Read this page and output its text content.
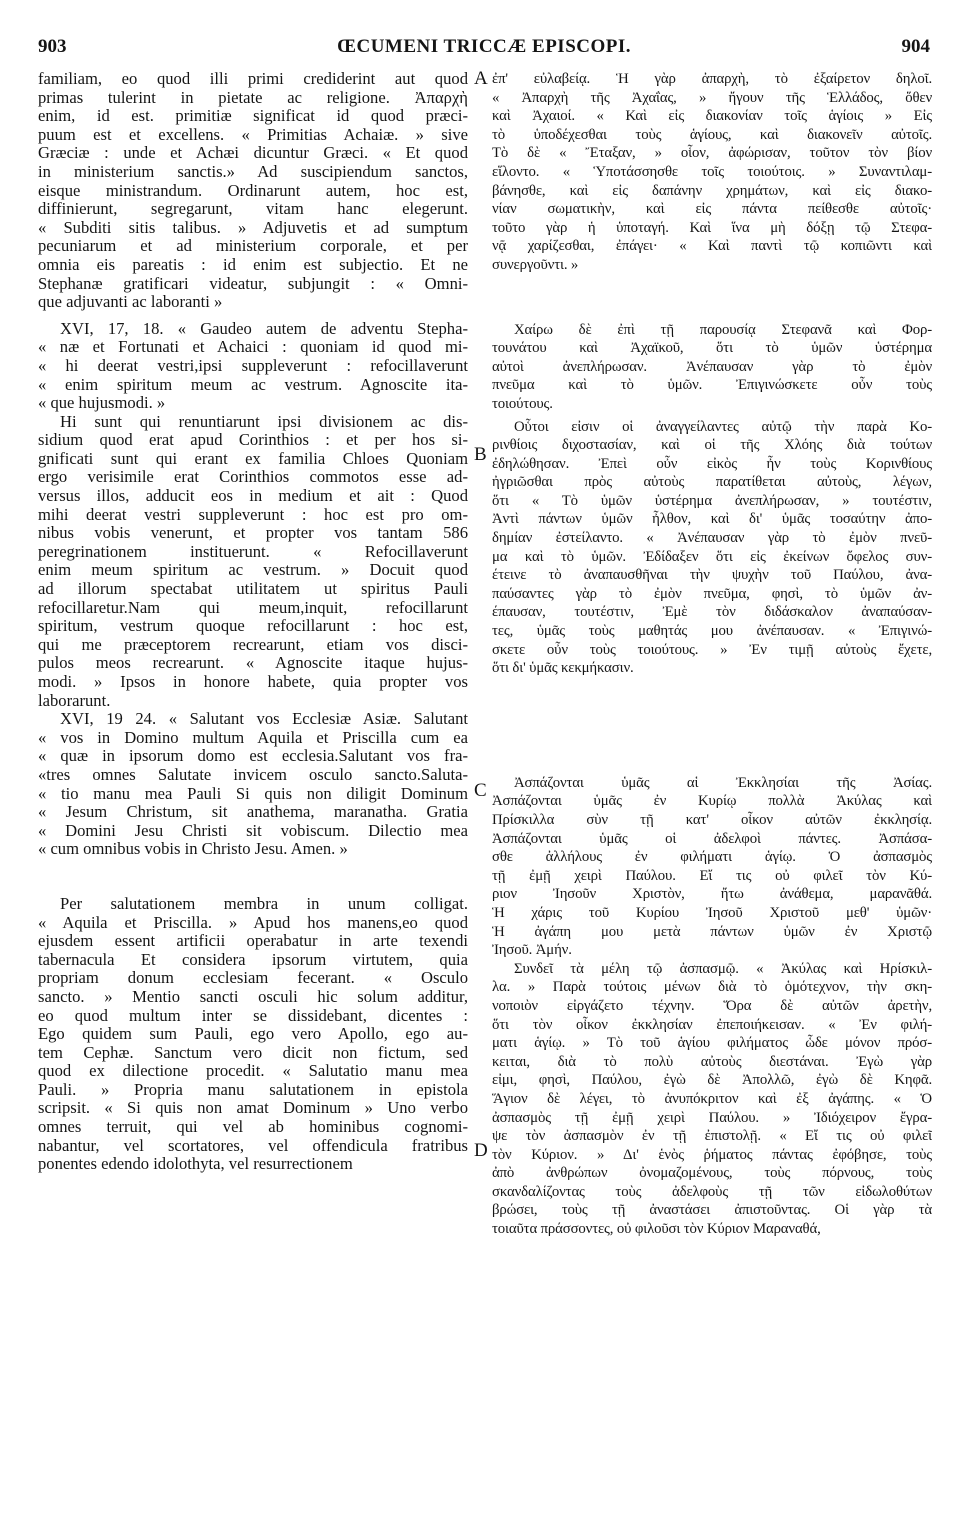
903	ŒCUMENI TRICCÆ EPISCOPI.	904
A
B
C
D

familiam, eo quod illi primi crediderint aut quod

primas tulerint in pietate ac religione. Ἀπαρχὴ

enim, id est. primitiæ significat id quod præci-

puum est et excellens. « Primitias Achaiæ. » sive

Græciæ : unde et Achæi dicuntur Græci. « Et quod

in ministerium sanctis.» Ad suscipiendum sanctos,

eisque ministrandum. Ordinarunt autem, hoc est,

diffinierunt, segregarunt, vitam hanc elegerunt.

« Subditi sitis talibus. » Adjuvetis et ad sumptum

pecuniarum et ad ministerium corporale, et per

omnia eis pareatis : id enim est subjectio. Et ne

Stephanæ gratificari videatur, subjungit : « Omni-

que adjuvanti ac laboranti »

XVI, 17, 18. « Gaudeo autem de adventu Stepha-

« næ et Fortunati et Achaici : quoniam id quod mi-

« hi deerat vestri,ipsi suppleverunt : refocillaverunt

« enim spiritum meum ac vestrum. Agnoscite ita-

« que hujusmodi. »

Hi sunt qui renuntiarunt ipsi divisionem ac dis-

sidium quod erat apud Corinthios : et per hos si-

gnificati sunt qui erant ex familia Chloes Quoniam

ergo verisimile erat Corinthios commotos esse ad-

versus illos, adducit eos in medium et ait : Quod

mihi deerat vestri suppleverunt : hoc est pro om-

nibus vobis venerunt, et propter vos tantam 586

peregrinationem instituerunt. « Refocillaverunt

enim meum spiritum ac vestrum. » Docuit quod

ad illorum spectabat utilitatem ut spiritus Pauli

refocillaretur.Nam qui meum,inquit, refocillarunt

spiritum, vestrum quoque refocillarunt : hoc est,

qui me præceptorem recrearunt, etiam vos disci-

pulos meos recrearunt. « Agnoscite itaque hujus-

modi. » Ipsos in honore habete, quia propter vos

laborarunt.

XVI, 19 24. « Salutant vos Ecclesiæ Asiæ. Salutant

« vos in Domino multum Aquila et Priscilla cum ea

« quæ in ipsorum domo est ecclesia.Salutant vos fra-

«tres omnes Salutate invicem osculo sancto.Saluta-

« tio manu mea Pauli Si quis non diligit Dominum

« Jesum Christum, sit anathema, maranatha. Gratia

« Domini Jesu Christi sit vobiscum. Dilectio mea

« cum omnibus vobis in Christo Jesu. Amen. »

Per salutationem membra in unum colligat.

« Aquila et Priscilla. » Apud hos manens,eo quod

ejusdem essent artificii operabatur in arte texendi

tabernacula Et considera ipsorum virtutem, quia

propriam donum ecclesiam fecerant. « Osculo

sancto. » Mentio sancti osculi hic solum additur,

eo quod multum inter se dissidebant, dicentes :

Ego quidem sum Pauli, ego vero Apollo, ego au-

tem Cephæ. Sanctum vero dicit non fictum, sed

quod ex dilectione procedit. « Salutatio manu mea

Pauli. » Propria manu salutationem in epistola

scripsit. « Si quis non amat Dominum » Uno verbo

omnes terruit, qui vel ab hominibus cognomi-

nabantur, vel scortatores, vel offendicula fratribus

ponentes edendo idolothyta, vel resurrectionem

ἐπ' εὐλαβείᾳ. Ἡ γὰρ ἀπαρχὴ, τὸ ἐξαίρετον δηλοῖ.

« Ἀπαρχὴ τῆς Ἀχαΐας, » ἤγουν τῆς Ἑλλάδος, ὅθεν

καὶ Ἀχαιοί. « Καὶ εἰς διακονίαν τοῖς ἁγίοις » Εἰς

τὸ ὑποδέχεσθαι τοὺς ἁγίους, καὶ διακονεῖν αὐτοῖς.

Τὸ δὲ « Ἔταξαν, » οἷον, ἀφώρισαν, τοῦτον τὸν βίον

εἵλοντο. « Ὑποτάσσησθε τοῖς τοιούτοις. » Συναντιλαμ-

βάνησθε, καὶ εἰς δαπάνην χρημάτων, καὶ εἰς διακο-

νίαν σωματικὴν, καὶ εἰς πάντα πείθεσθε αὐτοῖς·

τοῦτο γὰρ ἡ ὑποταγή. Καὶ ἵνα μὴ δόξῃ τῷ Στεφα-

νᾷ χαρίζεσθαι, ἐπάγει· « Καὶ παντὶ τῷ κοπιῶντι καὶ

συνεργοῦντι. »

Χαίρω δὲ ἐπὶ τῇ παρουσίᾳ Στεφανᾶ καὶ Φορ-

τουνάτου καὶ Ἀχαϊκοῦ, ὅτι τὸ ὑμῶν ὑστέρημα

αὐτοὶ ἀνεπλήρωσαν. Ἀνέπαυσαν γὰρ τὸ ἐμὸν

πνεῦμα καὶ τὸ ὑμῶν. Ἐπιγινώσκετε οὖν τοὺς

τοιούτους.

Οὗτοι εἰσιν οἱ ἀναγγείλαντες αὐτῷ τὴν παρὰ Κο-

ρινθίοις διχοστασίαν, καὶ οἱ τῆς Χλόης διὰ τούτων

ἐδηλώθησαν. Ἐπεὶ οὖν εἰκὸς ἦν τοὺς Κορινθίους

ἠγριῶσθαι πρὸς αὐτοὺς παρατίθεται αὐτοὺς, λέγων,

ὅτι « Τὸ ὑμῶν ὑστέρημα ἀνεπλήρωσαν, » τουτέστιν,

Ἀντὶ πάντων ὑμῶν ἦλθον, καὶ δι' ὑμᾶς τοσαύτην ἀπο-

δημίαν ἐστείλαντο. « Ἀνέπαυσαν γὰρ τὸ ἐμὸν πνεῦ-

μα καὶ τὸ ὑμῶν. Ἐδίδαξεν ὅτι εἰς ἐκείνων ὄφελος συν-

έτεινε τὸ ἀναπαυσθῆναι τὴν ψυχὴν τοῦ Παύλου, ἀνα-

παύσαντες γὰρ τὸ ἐμὸν πνεῦμα, φησὶ, τὸ ὑμῶν ἀν-

έπαυσαν, τουτέστιν, Ἐμὲ τὸν διδάσκαλον ἀναπαύσαν-

τες, ὑμᾶς τοὺς μαθητάς μου ἀνέπαυσαν. « Ἐπιγινώ-

σκετε οὖν τοὺς τοιούτους. » Ἐν τιμῇ αὐτοὺς ἔχετε,

ὅτι δι' ὑμᾶς κεκμήκασιν.

Ἀσπάζονται ὑμᾶς αἱ Ἐκκλησίαι τῆς Ἀσίας.

Ἀσπάζονται ὑμᾶς ἐν Κυρίῳ πολλὰ Ἀκύλας καὶ

Πρίσκιλλα σὺν τῇ κατ' οἶκον αὐτῶν ἐκκλησίᾳ.

Ἀσπάζονται ὑμᾶς οἱ ἀδελφοὶ πάντες. Ἀσπάσα-

σθε ἀλλήλους ἐν φιλήματι ἁγίῳ. Ὁ ἀσπασμὸς

τῇ ἐμῇ χειρὶ Παύλου. Εἴ τις οὐ φιλεῖ τὸν Κύ-

ριον Ἰησοῦν Χριστὸν, ἤτω ἀνάθεμα, μαρανᾶθά.

Ἡ χάρις τοῦ Κυρίου Ἰησοῦ Χριστοῦ μεθ' ὑμῶν·

Ἡ ἀγάπη μου μετὰ πάντων ὑμῶν ἐν Χριστῷ

Ἰησοῦ. Ἀμήν.

Συνδεῖ τὰ μέλη τῷ ἀσπασμῷ. « Ἀκύλας καὶ Ηρίσκιλ-

λα. » Παρὰ τούτοις μένων διὰ τὸ ὁμότεχνον, τὴν σκη-

νοποιὸν εἰργάζετο τέχνην. Ὅρα δὲ αὐτῶν ἀρετὴν,

ὅτι τὸν οἶκον ἐκκλησίαν ἐπεποιήκεισαν. « Ἐν φιλή-

ματι ἁγίῳ. » Τὸ τοῦ ἁγίου φιλήματος ὧδε μόνον πρόσ-

κειται, διὰ τὸ πολὺ αὐτοὺς διεστάναι. Ἐγὼ γὰρ

εἰμι, φησὶ, Παύλου, ἐγὼ δὲ Ἀπολλῶ, ἐγὼ δὲ Κηφᾶ.

Ἅγιον δὲ λέγει, τὸ ἀνυπόκριτον καὶ ἐξ ἀγάπης. « Ὁ

ἀσπασμὸς τῇ ἐμῇ χειρὶ Παύλου. » Ἰδιόχειρον ἔγρα-

ψε τὸν ἀσπασμὸν ἐν τῇ ἐπιστολῇ. « Εἴ τις οὐ φιλεῖ

τὸν Κύριον. » Δι' ἑνὸς ῥήματος πάντας ἐφόβησε, τοὺς

ἀπὸ ἀνθρώπων ὀνομαζομένους, τοὺς πόρνους, τοὺς

σκανδαλίζοντας τοὺς ἀδελφοὺς τῇ τῶν εἰδωλοθύτων

βρώσει, τοὺς τῇ ἀναστάσει ἀπιστοῦντας. Οἱ γὰρ τὰ

τοιαῦτα πράσσοντες, οὐ φιλοῦσι τὸν Κύριον Μαραναθά,
